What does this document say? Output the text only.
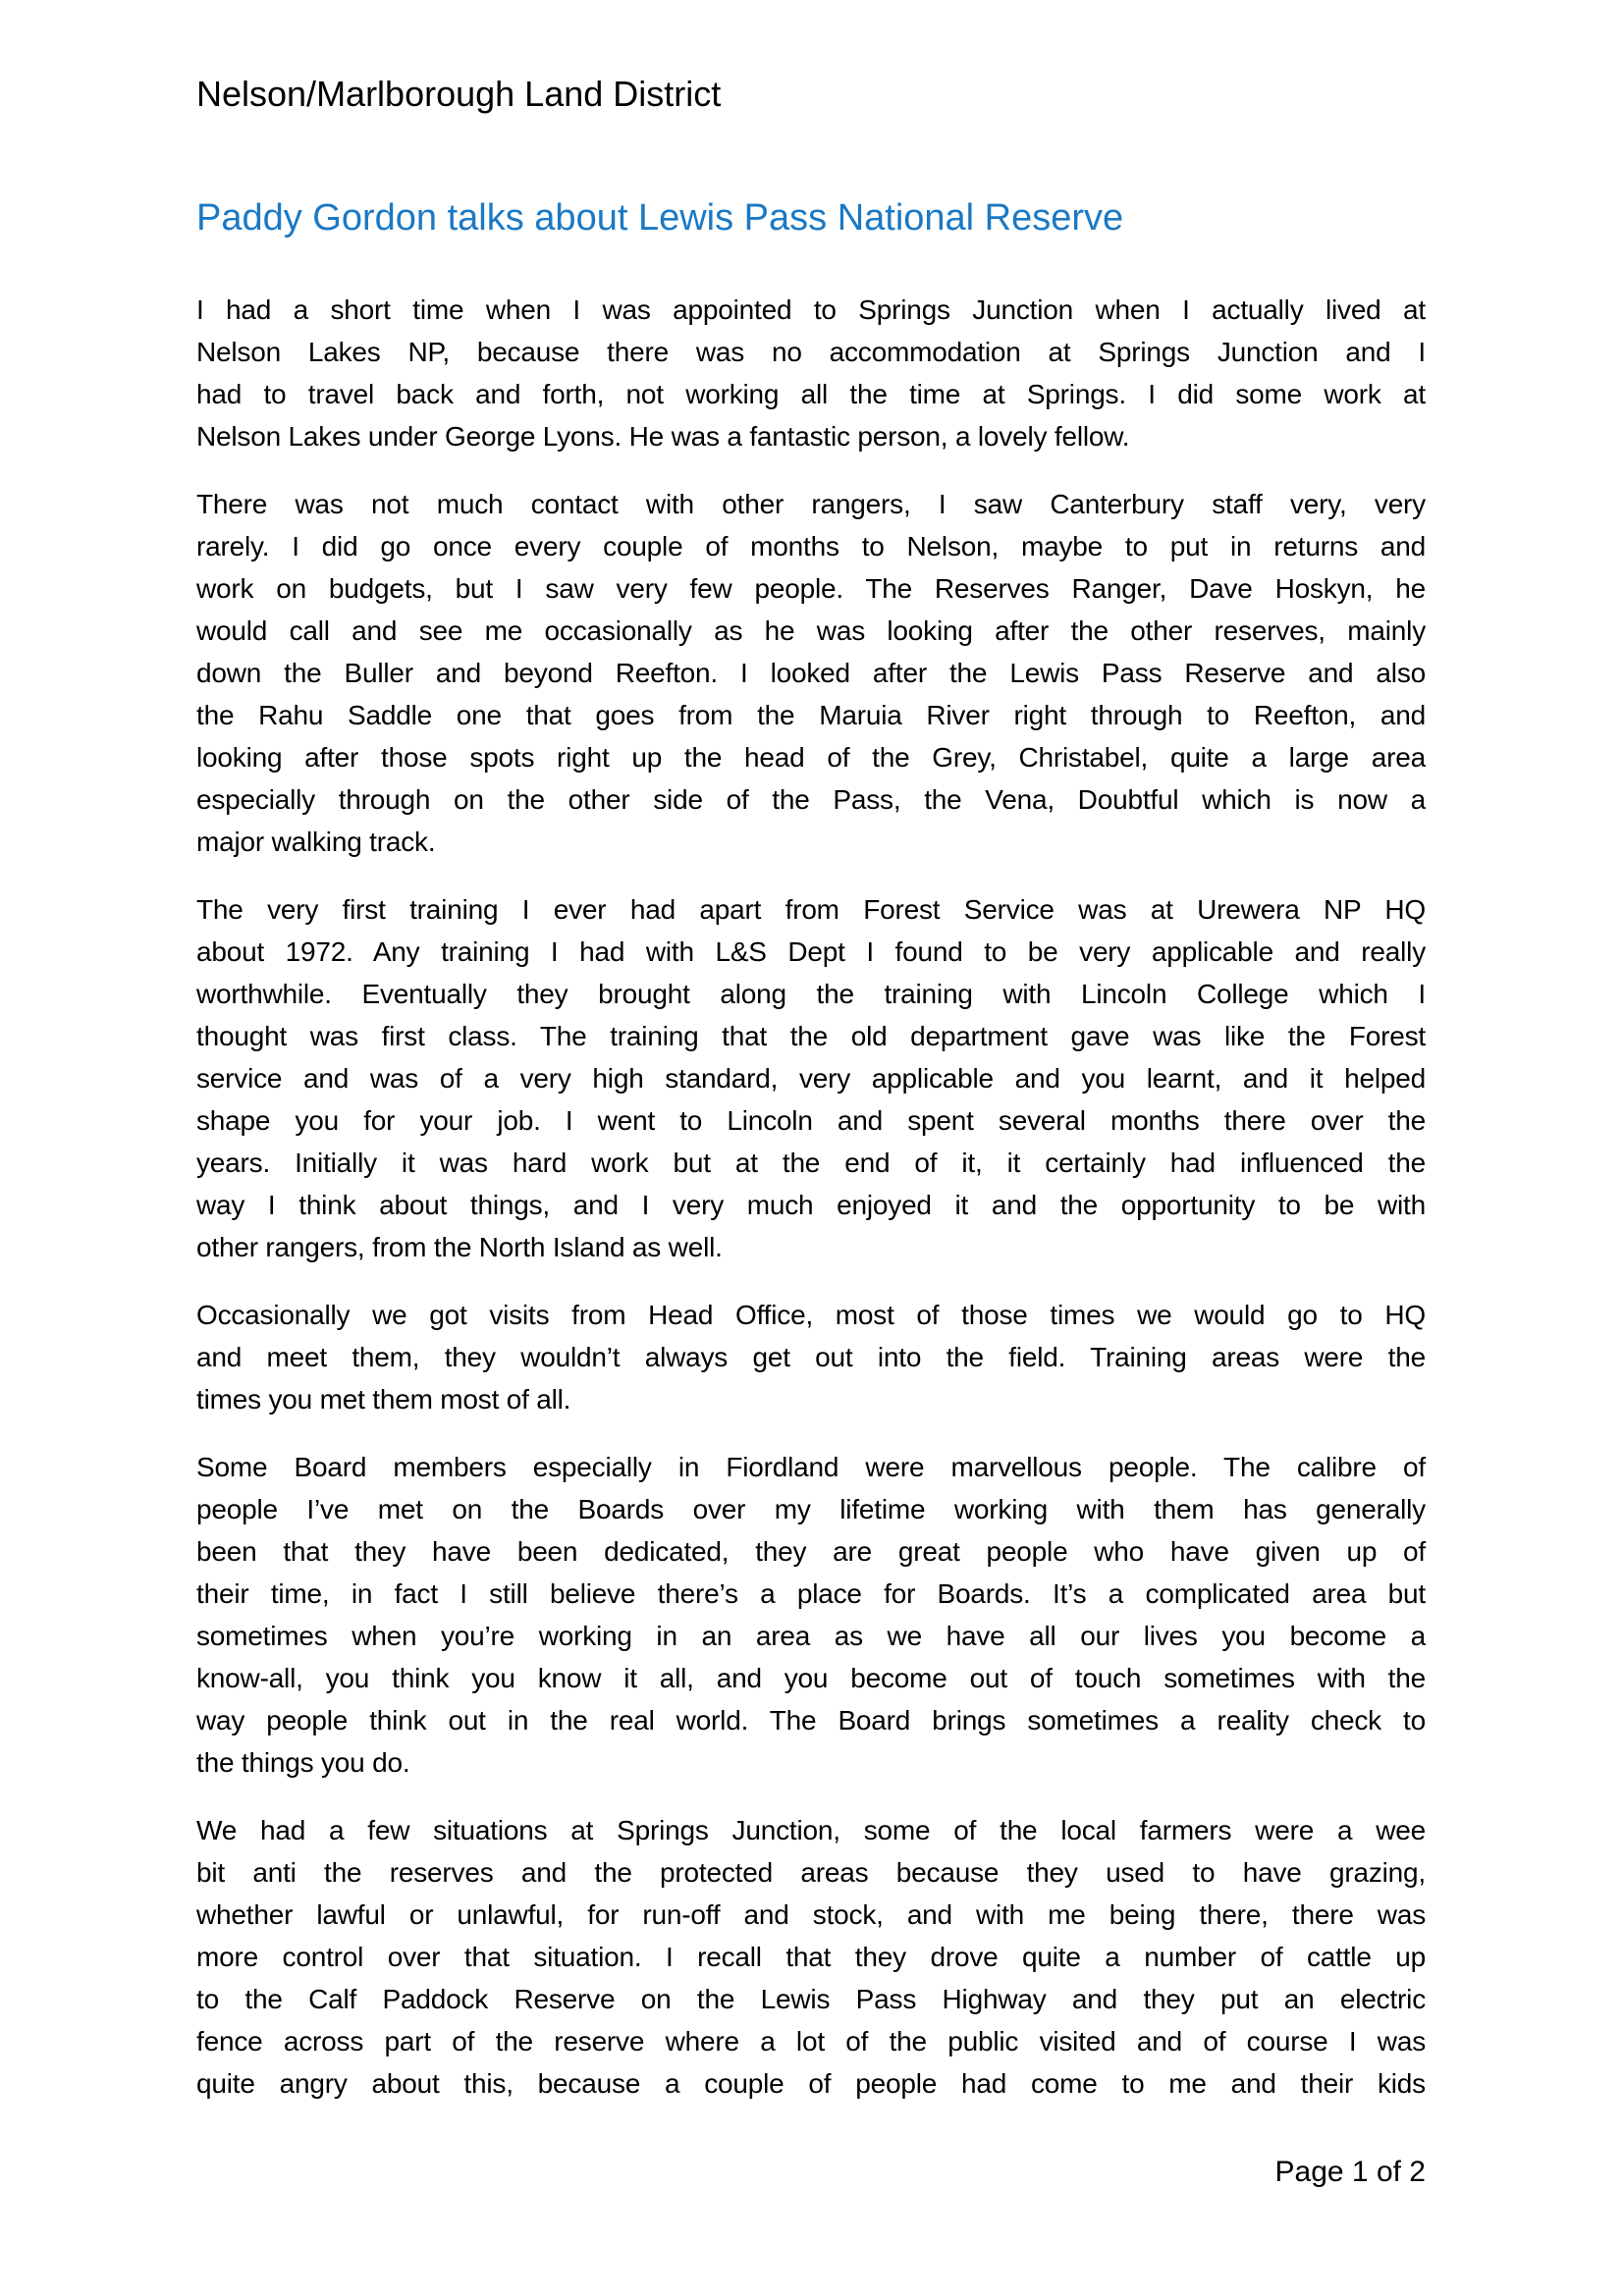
Nelson/Marlborough Land District
Paddy Gordon talks about Lewis Pass National Reserve
I had a short time when I was appointed to Springs Junction when I actually lived at
Nelson Lakes NP, because there was no accommodation at Springs Junction and I
had to travel back and forth, not working all the time at Springs. I did some work at
Nelson Lakes under George Lyons. He was a fantastic person, a lovely fellow.
There was not much contact with other rangers, I saw Canterbury staff very, very
rarely. I did go once every couple of months to Nelson, maybe to put in returns and
work on budgets, but I saw very few people. The Reserves Ranger, Dave Hoskyn, he
would call and see me occasionally as he was looking after the other reserves, mainly
down the Buller and beyond Reefton. I looked after the Lewis Pass Reserve and also
the Rahu Saddle one that goes from the Maruia River right through to Reefton, and
looking after those spots right up the head of the Grey, Christabel, quite a large area
especially through on the other side of the Pass, the Vena, Doubtful which is now a
major walking track.
The very first training I ever had apart from Forest Service was at Urewera NP HQ
about 1972. Any training I had with L&S Dept I found to be very applicable and really
worthwhile. Eventually they brought along the training with Lincoln College which I
thought was first class. The training that the old department gave was like the Forest
service and was of a very high standard, very applicable and you learnt, and it helped
shape you for your job. I went to Lincoln and spent several months there over the
years. Initially it was hard work but at the end of it, it certainly had influenced the
way I think about things, and I very much enjoyed it and the opportunity to be with
other rangers, from the North Island as well.
Occasionally we got visits from Head Office, most of those times we would go to HQ
and meet them, they wouldn’t always get out into the field. Training areas were the
times you met them most of all.
Some Board members especially in Fiordland were marvellous people. The calibre of
people I’ve met on the Boards over my lifetime working with them has generally
been that they have been dedicated, they are great people who have given up of
their time, in fact I still believe there’s a place for Boards. It’s a complicated area but
sometimes when you’re working in an area as we have all our lives you become a
know-all, you think you know it all, and you become out of touch sometimes with the
way people think out in the real world. The Board brings sometimes a reality check to
the things you do.
We had a few situations at Springs Junction, some of the local farmers were a wee
bit anti the reserves and the protected areas because they used to have grazing,
whether lawful or unlawful, for run-off and stock, and with me being there, there was
more control over that situation. I recall that they drove quite a number of cattle up
to the Calf Paddock Reserve on the Lewis Pass Highway and they put an electric
fence across part of the reserve where a lot of the public visited and of course I was
quite angry about this, because a couple of people had come to me and their kids
Page 1 of 2
